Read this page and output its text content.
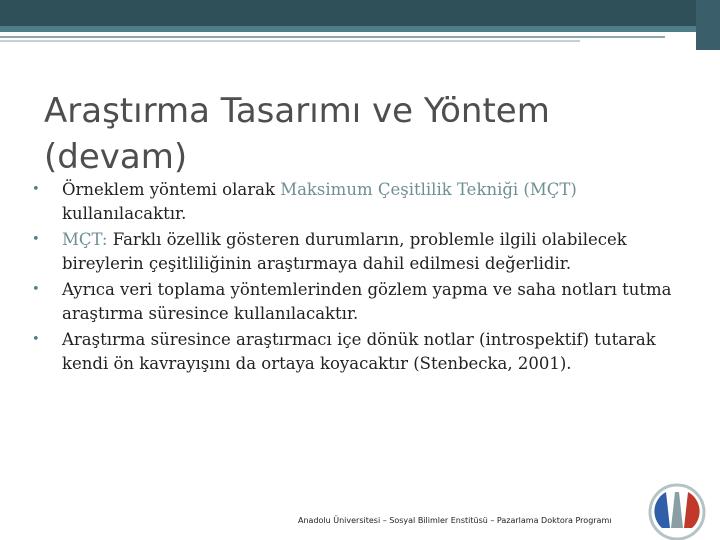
Araştırma Tasarımı ve Yöntem
(devam)
• Örneklem yöntemi olarak Maksimum Çeşitlilik Tekniği (MÇT) kullanılacaktır.
• MÇT: Farklı özellik gösteren durumların, problemle ilgili olabilecek bireylerin çeşitliliğinin araştırmaya dahil edilmesi değerlidir.
• Ayrıca veri toplama yöntemlerinden gözlem yapma ve saha notları tutma araştırma süresince kullanılacaktır.
• Araştırma süresince araştırmacı içe dönük notlar (introspektif) tutarak kendi ön kavrayışını da ortaya koyacaktır (Stenbecka, 2001).
Anadolu Üniversitesi – Sosyal Bilimler Enstitüsü – Pazarlama Doktora Programı
